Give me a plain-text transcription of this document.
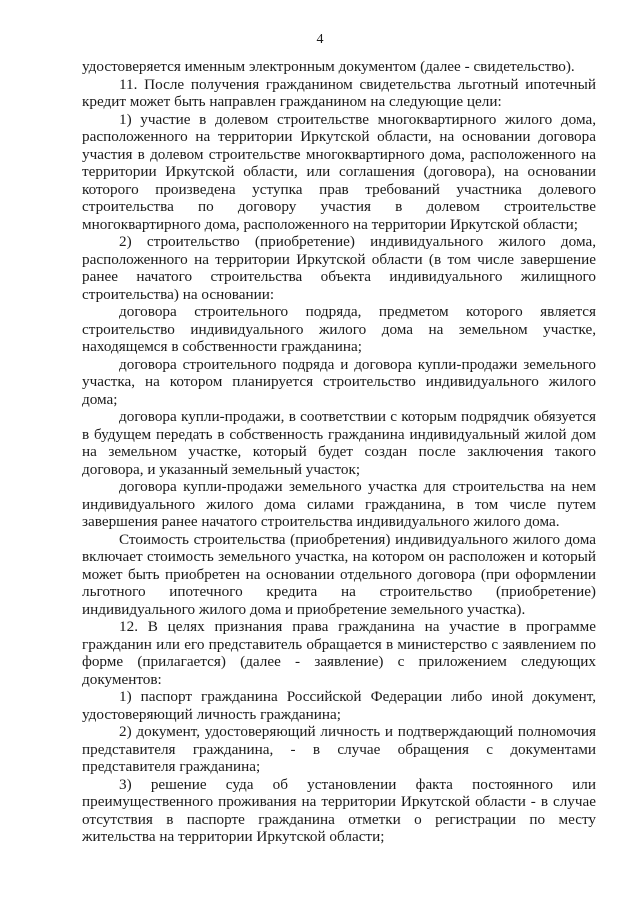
4

удостоверяется именным электронным документом (далее - свидетельство).

11. После получения гражданином свидетельства льготный ипотечный кредит может быть направлен гражданином на следующие цели:

1) участие в долевом строительстве многоквартирного жилого дома, расположенного на территории Иркутской области, на основании договора участия в долевом строительстве многоквартирного дома, расположенного на территории Иркутской области, или соглашения (договора), на основании которого произведена уступка прав требований участника долевого строительства по договору участия в долевом строительстве многоквартирного дома, расположенного на территории Иркутской области;

2) строительство (приобретение) индивидуального жилого дома, расположенного на территории Иркутской области (в том числе завершение ранее начатого строительства объекта индивидуального жилищного строительства) на основании:

договора строительного подряда, предметом которого является строительство индивидуального жилого дома на земельном участке, находящемся в собственности гражданина;

договора строительного подряда и договора купли-продажи земельного участка, на котором планируется строительство индивидуального жилого дома;

договора купли-продажи, в соответствии с которым подрядчик обязуется в будущем передать в собственность гражданина индивидуальный жилой дом на земельном участке, который будет создан после заключения такого договора, и указанный земельный участок;

договора купли-продажи земельного участка для строительства на нем индивидуального жилого дома силами гражданина, в том числе путем завершения ранее начатого строительства индивидуального жилого дома.

Стоимость строительства (приобретения) индивидуального жилого дома включает стоимость земельного участка, на котором он расположен и который может быть приобретен на основании отдельного договора (при оформлении льготного ипотечного кредита на строительство (приобретение) индивидуального жилого дома и приобретение земельного участка).

12. В целях признания права гражданина на участие в программе гражданин или его представитель обращается в министерство с заявлением по форме (прилагается) (далее - заявление) с приложением следующих документов:

1) паспорт гражданина Российской Федерации либо иной документ, удостоверяющий личность гражданина;

2) документ, удостоверяющий личность и подтверждающий полномочия представителя гражданина, - в случае обращения с документами представителя гражданина;

3) решение суда об установлении факта постоянного или преимущественного проживания на территории Иркутской области - в случае отсутствия в паспорте гражданина отметки о регистрации по месту жительства на территории Иркутской области;
